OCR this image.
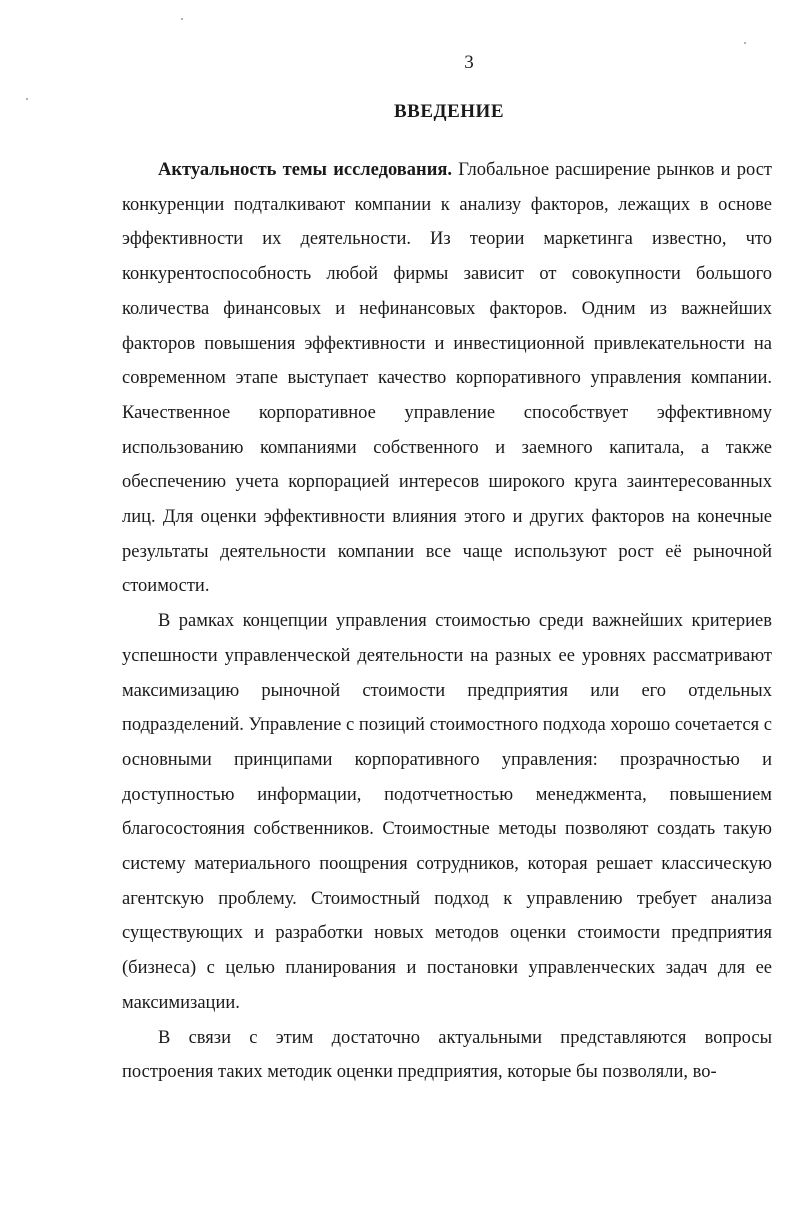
3
ВВЕДЕНИЕ

Актуальность темы исследования. Глобальное расширение рынков и рост конкуренции подталкивают компании к анализу факторов, лежащих в основе эффективности их деятельности. Из теории маркетинга известно, что конкурентоспособность любой фирмы зависит от совокупности большого количества финансовых и нефинансовых факторов. Одним из важнейших факторов повышения эффективности и инвестиционной привлекательности на современном этапе выступает качество корпоративного управления компании. Качественное корпоративное управление способствует эффективному использованию компаниями собственного и заемного капитала, а также обеспечению учета корпорацией интересов широкого круга заинтересованных лиц. Для оценки эффективности влияния этого и других факторов на конечные результаты деятельности компании все чаще используют рост её рыночной стоимости.

В рамках концепции управления стоимостью среди важнейших критериев успешности управленческой деятельности на разных ее уровнях рассматривают максимизацию рыночной стоимости предприятия или его отдельных подразделений. Управление с позиций стоимостного подхода хорошо сочетается с основными принципами корпоративного управления: прозрачностью и доступностью информации, подотчетностью менеджмента, повышением благосостояния собственников. Стоимостные методы позволяют создать такую систему материального поощрения сотрудников, которая решает классическую агентскую проблему. Стоимостный подход к управлению требует анализа существующих и разработки новых методов оценки стоимости предприятия (бизнеса) с целью планирования и постановки управленческих задач для ее максимизации.

В связи с этим достаточно актуальными представляются вопросы построения таких методик оценки предприятия, которые бы позволяли, во-
